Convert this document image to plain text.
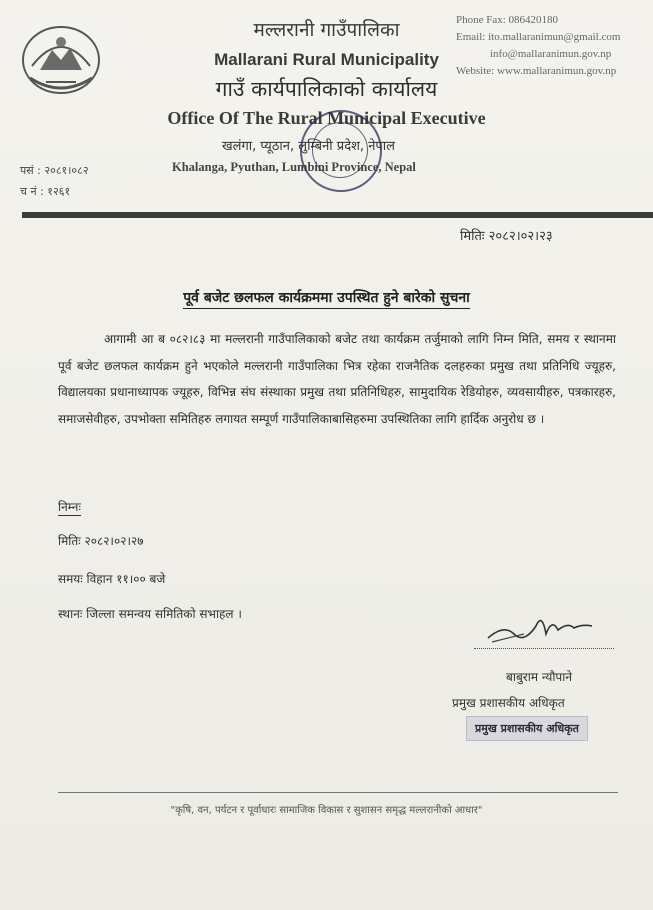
मल्लरानी गाउँपालिका
Mallarani Rural Municipality
गाउँ कार्यपालिकाको कार्यालय
Office Of The Rural Municipal Executive
खलंगा, प्यूठान, लुम्बिनी प्रदेश, नेपाल
Khalanga, Pyuthan, Lumbini Province, Nepal
Phone Fax: 086420180
Email: ito.mallaranimun@gmail.com
info@mallaranimun.gov.np
Website: www.mallaranimun.gov.np
पसं : २०८१।०८२
च नं : १२६१
मितिः २०८२।०२।२३
पूर्व बजेट छलफल कार्यक्रममा उपस्थित हुने बारेको सुचना
आगामी आ ब ०८२।८३ मा मल्लरानी गाउँपालिकाको बजेट तथा कार्यक्रम तर्जुमाको लागि निम्न मिति, समय र स्थानमा पूर्व बजेट छलफल कार्यक्रम हुने भएकोले मल्लरानी गाउँपालिका भित्र रहेका राजनैतिक दलहरुका प्रमुख तथा प्रतिनिधि ज्यूहरु, विद्यालयका प्रधानाध्यापक ज्यूहरु, विभिन्न संघ संस्थाका प्रमुख तथा प्रतिनिधिहरु, सामुदायिक रेडियोहरु, व्यवसायीहरु, पत्रकारहरु, समाजसेवीहरु, उपभोक्ता समितिहरु लगायत सम्पूर्ण गाउँपालिकाबासिहरुमा उपस्थितिका लागि हार्दिक अनुरोध छ ।
निम्नः
मितिः २०८२।०२।२७
समयः विहान ११।०० बजे
स्थानः जिल्ला समन्वय समितिको सभाहल ।
बाबुराम न्यौपाने
प्रमुख प्रशासकीय अधिकृत
प्रमुख प्रशासकीय अधिकृत
"कृषि, वन, पर्यटन र पूर्वाधारः सामाजिक विकास र सुशासन समृद्ध मल्लरानीको आधार"
